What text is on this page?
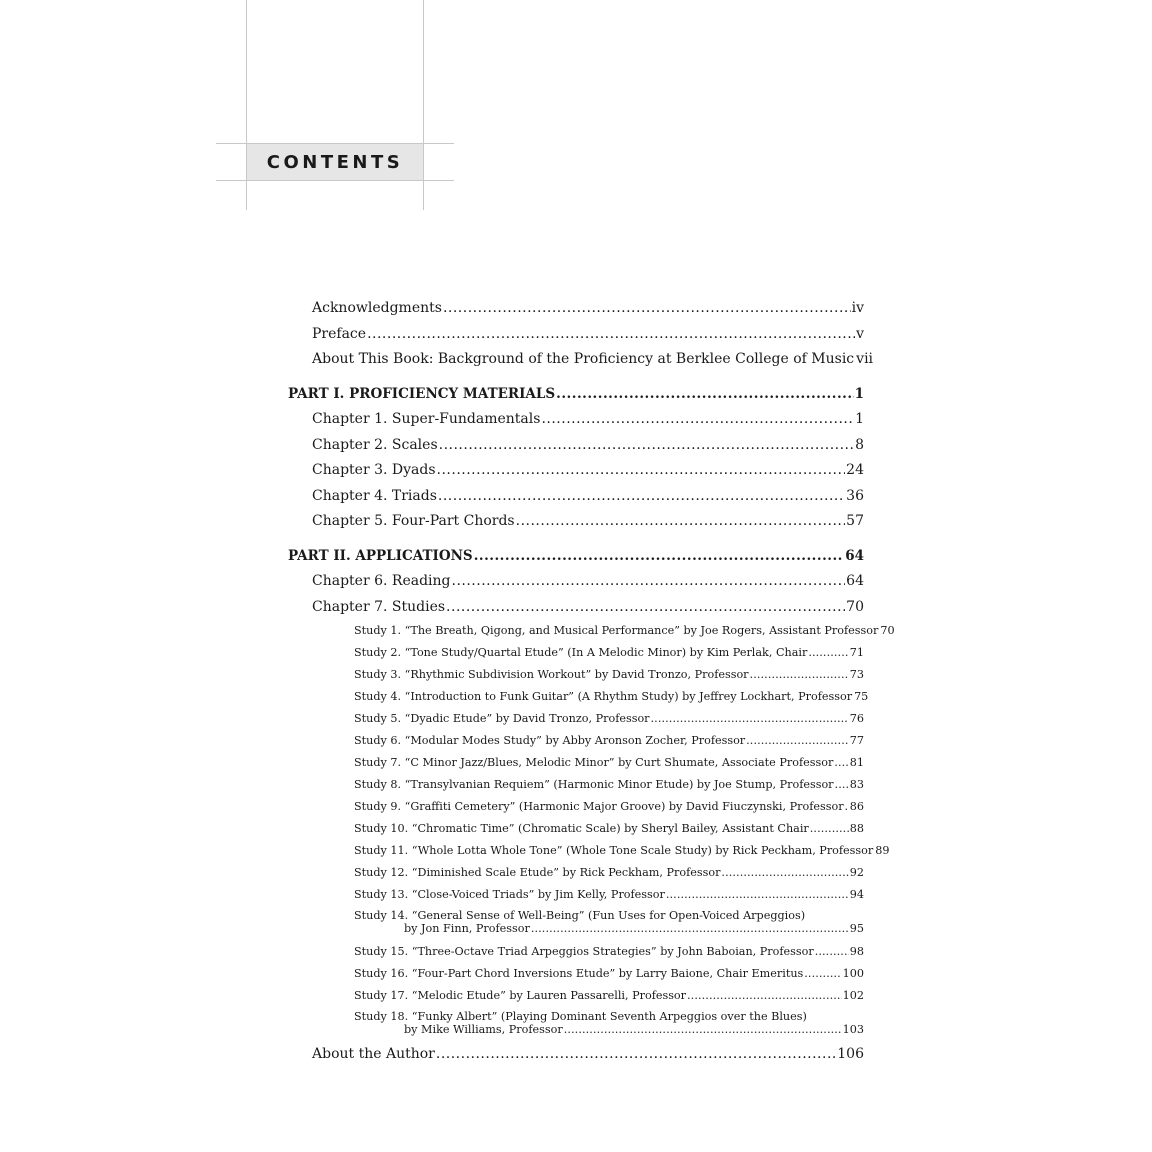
CONTENTS
Acknowledgments .....	iv
Preface .....	v
About This Book: Background of the Proficiency at Berklee College of Music vii
PART I. PROFICIENCY MATERIALS .....	1
Chapter 1. Super-Fundamentals .....	1
Chapter 2. Scales .....	8
Chapter 3. Dyads .....	24
Chapter 4. Triads .....	36
Chapter 5. Four-Part Chords .....	57
PART II. APPLICATIONS .....	64
Chapter 6. Reading .....	64
Chapter 7. Studies .....	70
Study 1. “The Breath, Qigong, and Musical Performance” by Joe Rogers, Assistant Professor 70
Study 2. “Tone Study/Quartal Etude” (In A Melodic Minor) by Kim Perlak, Chair .....	71
Study 3. “Rhythmic Subdivision Workout” by David Tronzo, Professor .....	73
Study 4. “Introduction to Funk Guitar” (A Rhythm Study) by Jeffrey Lockhart, Professor 75
Study 5. “Dyadic Etude” by David Tronzo, Professor .....	76
Study 6. “Modular Modes Study” by Abby Aronson Zocher, Professor .....	77
Study 7. “C Minor Jazz/Blues, Melodic Minor” by Curt Shumate, Associate Professor ..... 81
Study 8. “Transylvanian Requiem” (Harmonic Minor Etude) by Joe Stump, Professor ..... 83
Study 9. “Graffiti Cemetery” (Harmonic Major Groove) by David Fiuczynski, Professor ..... 86
Study 10. “Chromatic Time” (Chromatic Scale) by Sheryl Bailey, Assistant Chair .....	88
Study 11. “Whole Lotta Whole Tone” (Whole Tone Scale Study) by Rick Peckham, Professor 89
Study 12. “Diminished Scale Etude” by Rick Peckham, Professor .....	92
Study 13. “Close-Voiced Triads” by Jim Kelly, Professor .....	94
Study 14. “General Sense of Well-Being” (Fun Uses for Open-Voiced Arpeggios)
by Jon Finn, Professor .....	95
Study 15. “Three-Octave Triad Arpeggios Strategies” by John Baboian, Professor .....	98
Study 16. “Four-Part Chord Inversions Etude” by Larry Baione, Chair Emeritus .....	100
Study 17. “Melodic Etude” by Lauren Passarelli, Professor .....	102
Study 18. “Funky Albert” (Playing Dominant Seventh Arpeggios over the Blues)
by Mike Williams, Professor .....	103
About the Author .....	106
